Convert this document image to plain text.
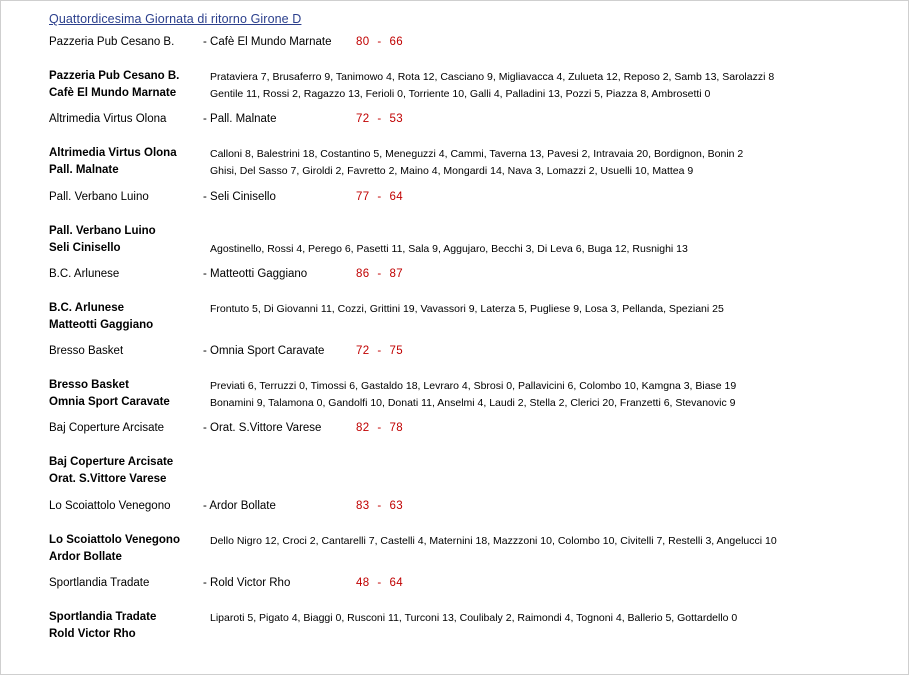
Quattordicesima Giornata di ritorno Girone D
Pazzeria Pub Cesano B. - Cafè El Mundo Marnate 80 - 66
Pazzeria Pub Cesano B.	Prataviera 7, Brusaferro 9, Tanimowo 4, Rota 12, Casciano 9, Migliavacca 4, Zulueta 12, Reposo 2, Samb 13, Sarolazzi 8
Cafè El Mundo Marnate	Gentile 11, Rossi 2, Ragazzo 13, Ferioli 0, Torriente 10, Galli 4, Palladini 13, Pozzi 5, Piazza 8, Ambrosetti 0
Altrimedia Virtus Olona	- Pall. Malnate	72 - 53
Altrimedia Virtus Olona	Calloni 8, Balestrini 18, Costantino 5, Meneguzzi 4, Cammi, Taverna 13, Pavesi 2, Intravaia 20, Bordignon, Bonin 2
Pall. Malnate	Ghisi, Del Sasso 7, Giroldi 2, Favretto 2, Maino 4, Mongardi 14, Nava 3, Lomazzi 2, Usuelli 10, Mattea 9
Pall. Verbano Luino	- Seli Cinisello	77 - 64
Pall. Verbano Luino
Seli Cinisello	Agostinello, Rossi 4, Perego 6, Pasetti 11, Sala 9, Aggujaro, Becchi 3, Di Leva 6, Buga 12, Rusnighi 13
B.C. Arlunese	- Matteotti Gaggiano	86 - 87
B.C. Arlunese	Frontuto 5, Di Giovanni 11, Cozzi, Grittini 19, Vavassori 9, Laterza 5, Pugliese 9, Losa 3, Pellanda, Speziani 25
Matteotti Gaggiano
Bresso Basket	- Omnia Sport Caravate	72 - 75
Bresso Basket	Previati 6, Terruzzi 0, Timossi 6, Gastaldo 18, Levraro 4, Sbrosi 0, Pallavicini 6, Colombo 10, Kamgna 3, Biase 19
Omnia Sport Caravate	Bonamini 9, Talamona 0, Gandolfi 10, Donati 11, Anselmi 4, Laudi 2, Stella 2, Clerici 20, Franzetti 6, Stevanovic 9
Baj Coperture Arcisate	- Orat. S.Vittore Varese	82 - 78
Baj Coperture Arcisate
Orat. S.Vittore Varese
Lo Scoiattolo Venegono	- Ardor Bollate	83 - 63
Lo Scoiattolo Venegono	Dello Nigro 12, Croci 2, Cantarelli 7, Castelli 4, Maternini 18, Mazzzoni 10, Colombo 10, Civitelli 7, Restelli 3, Angelucci 10
Ardor Bollate
Sportlandia Tradate	- Rold Victor Rho	48 - 64
Sportlandia Tradate	Liparoti 5, Pigato 4, Biaggi 0, Rusconi 11, Turconi 13, Coulibaly 2, Raimondi 4, Tognoni 4, Ballerio 5, Gottardello 0
Rold Victor Rho
